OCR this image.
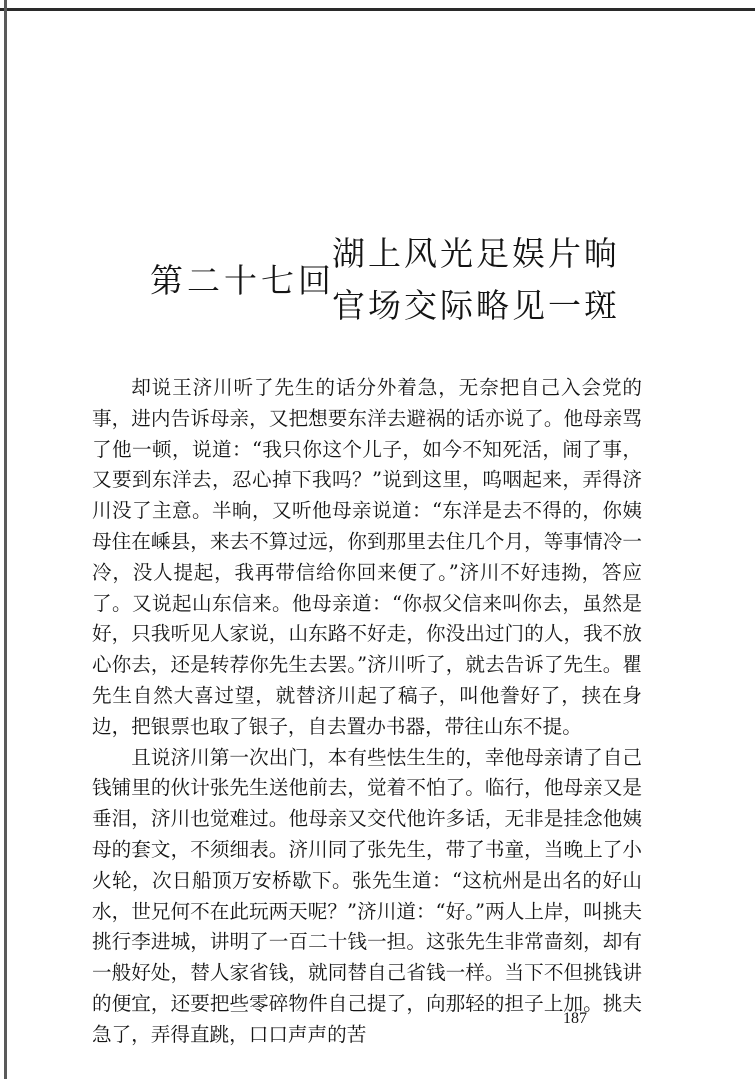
第二十七回
湖上风光足娱片晌
官场交际略见一斑

却说王济川听了先生的话分外着急，无奈把自己入会党的事，进内告诉母亲，又把想要东洋去避祸的话亦说了。他母亲骂了他一顿，说道：“我只你这个儿子，如今不知死活，闹了事，又要到东洋去，忍心掉下我吗？”说到这里，呜咽起来，弄得济川没了主意。半晌，又听他母亲说道：“东洋是去不得的，你姨母住在嵊县，来去不算过远，你到那里去住几个月，等事情冷一冷，没人提起，我再带信给你回来便了。”济川不好违拗，答应了。又说起山东信来。他母亲道：“你叔父信来叫你去，虽然是好，只我听见人家说，山东路不好走，你没出过门的人，我不放心你去，还是转荐你先生去罢。”济川听了，就去告诉了先生。瞿先生自然大喜过望，就替济川起了稿子，叫他誊好了，挟在身边，把银票也取了银子，自去置办书器，带往山东不提。

且说济川第一次出门，本有些怯生生的，幸他母亲请了自己钱铺里的伙计张先生送他前去，觉着不怕了。临行，他母亲又是垂泪，济川也觉难过。他母亲又交代他许多话，无非是挂念他姨母的套文，不须细表。济川同了张先生，带了书童，当晚上了小火轮，次日船顶万安桥歇下。张先生道：“这杭州是出名的好山水，世兄何不在此玩两天呢？”济川道：“好。”两人上岸，叫挑夫挑行李进城，讲明了一百二十钱一担。这张先生非常啬刻，却有一般好处，替人家省钱，就同替自己省钱一样。当下不但挑钱讲的便宜，还要把些零碎物件自己提了，向那轻的担子上加。挑夫急了，弄得直跳，口口声声的苦

187
